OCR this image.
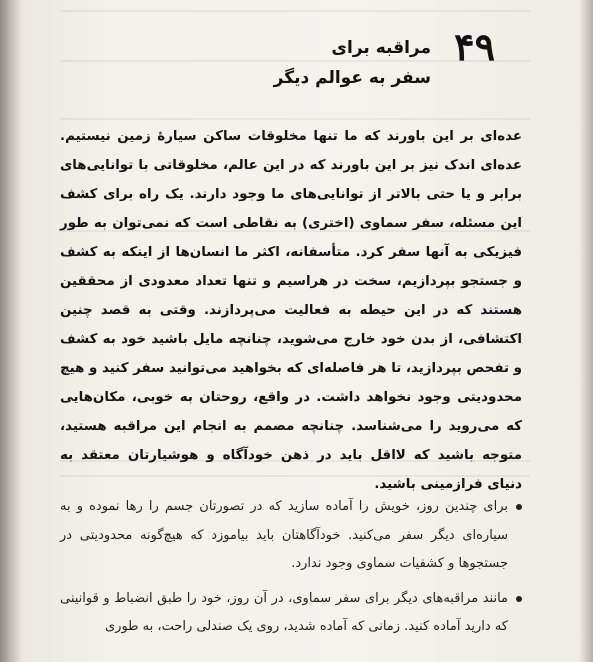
۴۹
مراقبه برای
سفر به عوالم دیگر
عده‌ای بر این باورند که ما تنها مخلوقات ساکن سیارهٔ زمین نیستیم. عده‌ای اندک نیز بر این باورند که در این عالم، مخلوقاتی با توانایی‌های برابر و یا حتی بالاتر از توانایی‌های ما وجود دارند. یک راه برای کشف این مسئله، سفر سماوی (اختری) به نقاطی است که نمی‌توان به طور فیزیکی به آنها سفر کرد. متأسفانه، اکثر ما انسان‌ها از اینکه به کشف و جستجو بپردازیم، سخت در هراسیم و تنها تعداد معدودی از محققین هستند که در این حیطه به فعالیت می‌پردازند. وقتی به قصد چنین اکتشافی، از بدن خود خارج می‌شوید، چنانچه مایل باشید خود به کشف و تفحص بپردازید، تا هر فاصله‌ای که بخواهید می‌توانید سفر کنید و هیچ محدودیتی وجود نخواهد داشت. در واقع، روحتان به خوبی، مکان‌هایی که می‌روید را می‌شناسد. چنانچه مصمم به انجام این مراقبه هستید، متوجه باشید که لااقل باید در ذهن خودآگاه و هوشیارتان معتقد به دنیای فرازمینی باشید.
برای چندین روز، خویش را آماده سازید که در تصورتان جسم را رها نموده و به سیاره‌ای دیگر سفر می‌کنید. خودآگاهتان باید بیاموزد که هیچ‌گونه محدودیتی در جستجوها و کشفیات سماوی وجود ندارد.
مانند مراقبه‌های دیگر برای سفر سماوی، در آن روز، خود را طبق انضباط و قوانینی که دارید آماده کنید. زمانی که آماده شدید، روی یک صندلی راحت، به طوری
